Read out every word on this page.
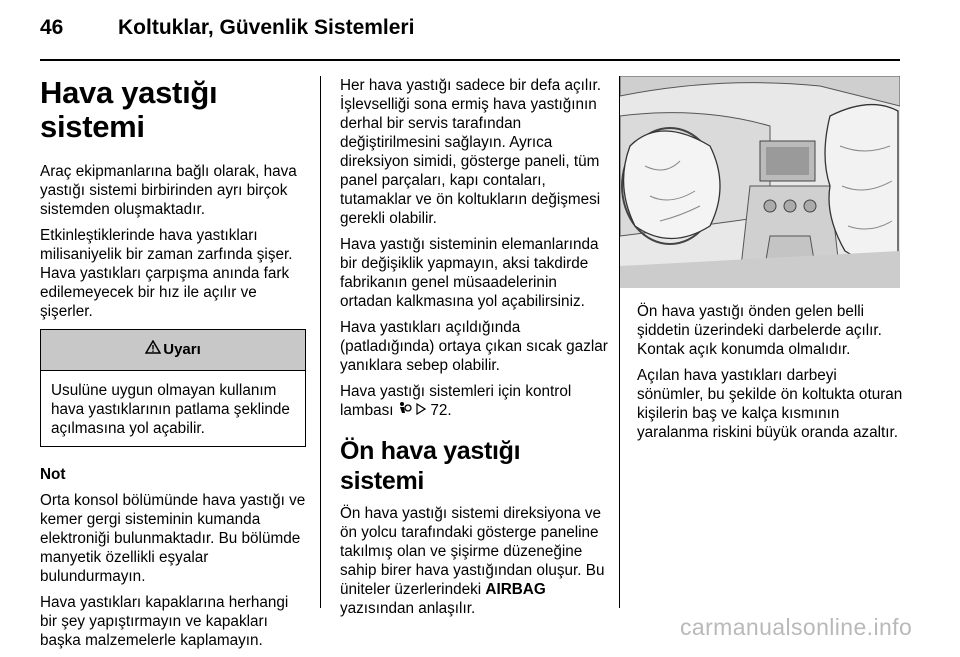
46	Koltuklar, Güvenlik Sistemleri
Hava yastığı sistemi

Araç ekipmanlarına bağlı olarak, hava yastığı sistemi birbirinden ayrı birçok sistemden oluşmaktadır.

Etkinleştiklerinde hava yastıkları milisaniyelik bir zaman zarfında şişer. Hava yastıkları çarpışma anında fark edilemeyecek bir hız ile açılır ve şişerler.

Uyarı
Usulüne uygun olmayan kullanım hava yastıklarının patlama şeklinde açılmasına yol açabilir.

Not

Orta konsol bölümünde hava yastığı ve kemer gergi sisteminin kumanda elektroniği bulunmaktadır. Bu bölümde manyetik özellikli eşyalar bulundurmayın.

Hava yastıkları kapaklarına herhangi bir şey yapıştırmayın ve kapakları başka malzemelerle kaplamayın.

Her hava yastığı sadece bir defa açılır. İşlevselliği sona ermiş hava yastığının derhal bir servis tarafından değiştirilmesini sağlayın. Ayrıca direksiyon simidi, gösterge paneli, tüm panel parçaları, kapı contaları, tutamaklar ve ön koltukların değişmesi gerekli olabilir.

Hava yastığı sisteminin elemanlarında bir değişiklik yapmayın, aksi takdirde fabrikanın genel müsaadelerinin ortadan kalkmasına yol açabilirsiniz.

Hava yastıkları açıldığında (patladığında) ortaya çıkan sıcak gazlar yanıklara sebep olabilir.

Hava yastığı sistemleri için kontrol lambası 72.

Ön hava yastığı sistemi

Ön hava yastığı sistemi direksiyona ve ön yolcu tarafındaki gösterge paneline takılmış olan ve şişirme düzeneğine sahip birer hava yastığından oluşur. Bu üniteler üzerlerindeki AIRBAG yazısından anlaşılır.

Ön hava yastığı önden gelen belli şiddetin üzerindeki darbelerde açılır. Kontak açık konumda olmalıdır.

Açılan hava yastıkları darbeyi sönümler, bu şekilde ön koltukta oturan kişilerin baş ve kalça kısmının yaralanma riskini büyük oranda azaltır.

carmanualsonline.info
